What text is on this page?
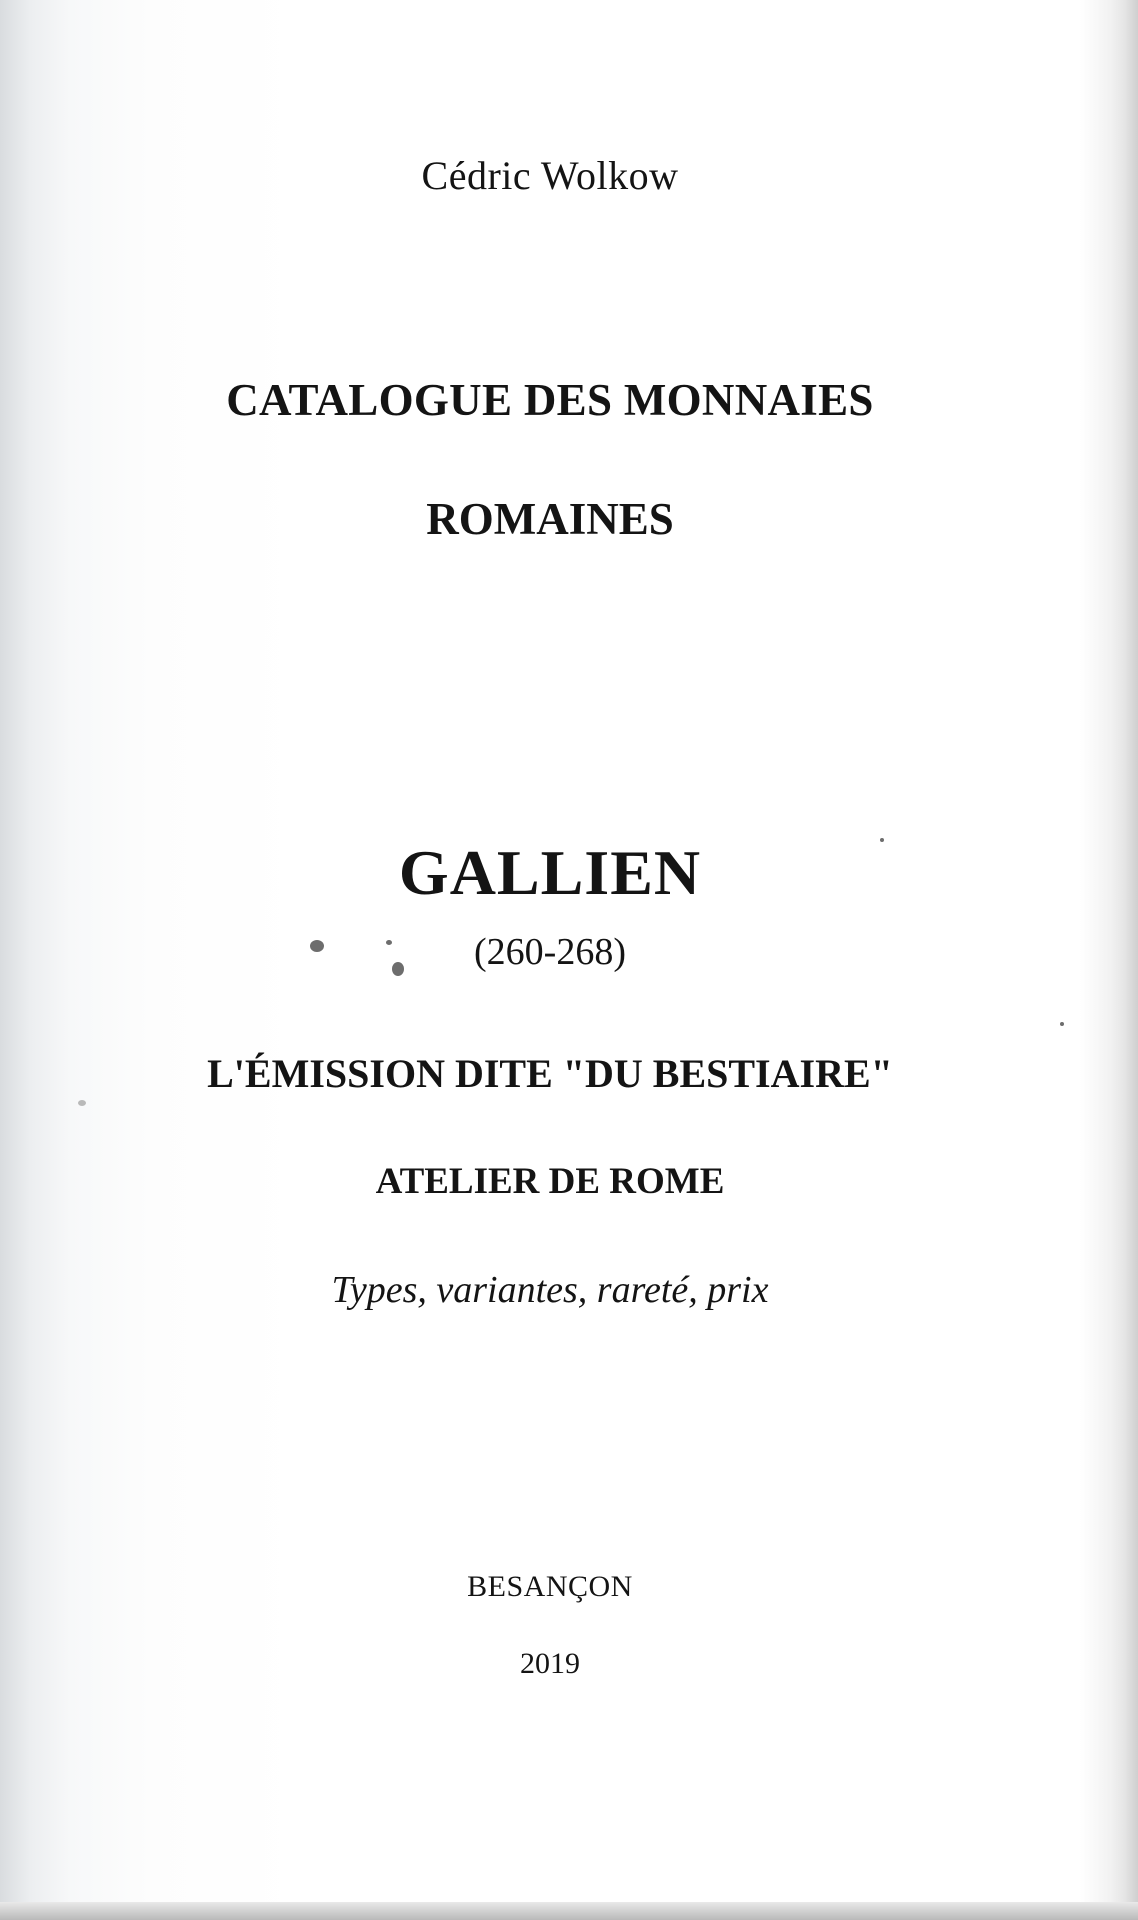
Cédric Wolkow
CATALOGUE DES MONNAIES
ROMAINES
GALLIEN
(260-268)
L'ÉMISSION DITE "DU BESTIAIRE"
ATELIER DE ROME
Types, variantes, rareté, prix
BESANÇON
2019
